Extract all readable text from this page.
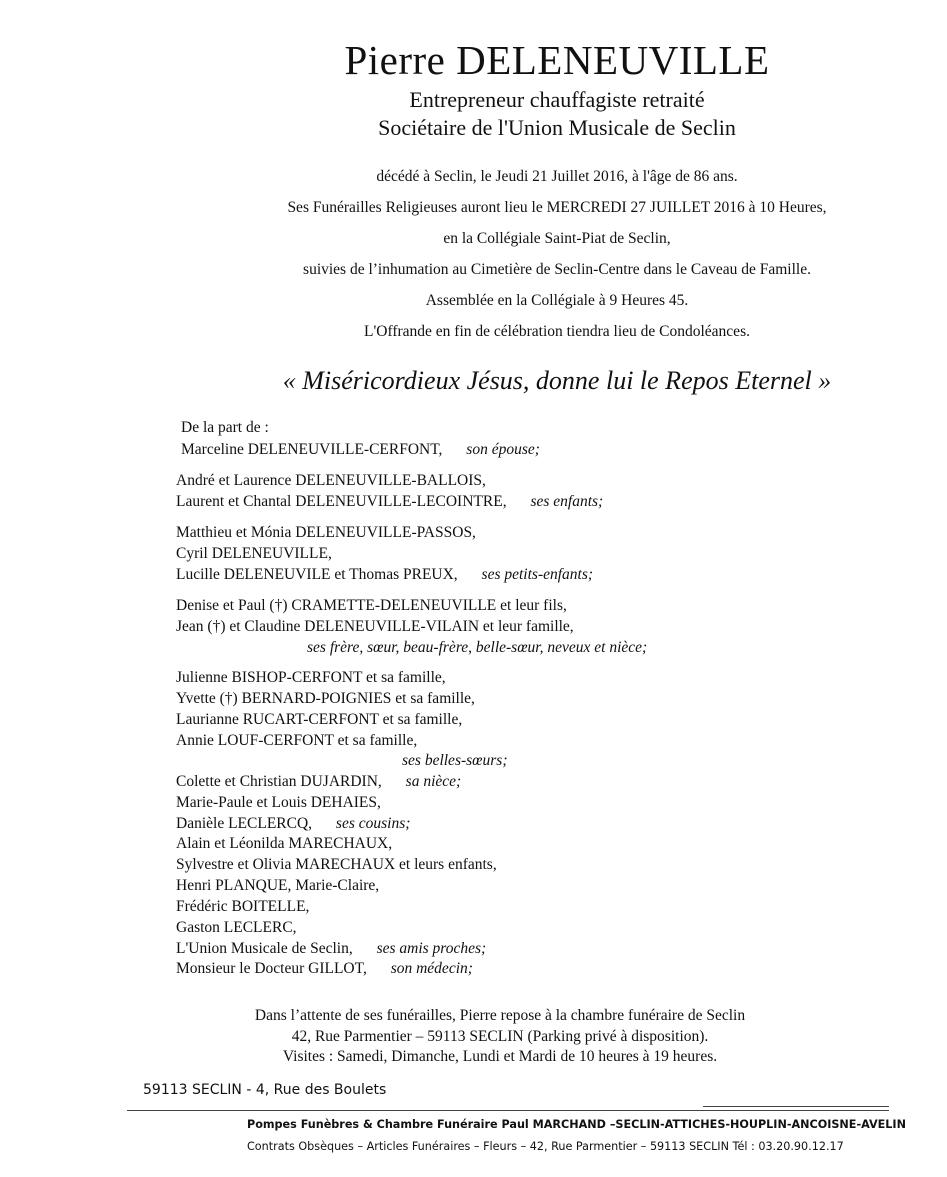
Pierre DELENEUVILLE
Entrepreneur chauffagiste retraité
Sociétaire de l'Union Musicale de Seclin
décédé à Seclin, le Jeudi 21 Juillet 2016, à l'âge de 86 ans.
Ses Funérailles Religieuses auront lieu le MERCREDI 27 JUILLET 2016 à 10 Heures,
en la Collégiale Saint-Piat de Seclin,
suivies de l’inhumation au Cimetière de Seclin-Centre dans le Caveau de Famille.
Assemblée en la Collégiale à 9 Heures 45.
L'Offrande en fin de célébration tiendra lieu de Condoléances.
« Miséricordieux Jésus, donne lui le Repos Eternel »
De la part de :
Marceline DELENEUVILLE-CERFONT, son épouse;
André et Laurence DELENEUVILLE-BALLOIS,
Laurent et Chantal DELENEUVILLE-LECOINTRE, ses enfants;
Matthieu et Mónia DELENEUVILLE-PASSOS,
Cyril DELENEUVILLE,
Lucille DELENEUVILE et Thomas PREUX, ses petits-enfants;
Denise et Paul (†) CRAMETTE-DELENEUVILLE et leur fils,
Jean (†) et Claudine DELENEUVILLE-VILAIN et leur famille,
ses frère, sœur, beau-frère, belle-sœur, neveux et nièce;
Julienne BISHOP-CERFONT et sa famille,
Yvette (†) BERNARD-POIGNIES et sa famille,
Laurianne RUCART-CERFONT et sa famille,
Annie LOUF-CERFONT et sa famille,
ses belles-sœurs;
Colette et Christian DUJARDIN, sa nièce;
Marie-Paule et Louis DEHAIES,
Danièle LECLERCQ, ses cousins;
Alain et Léonilda MARECHAUX,
Sylvestre et Olivia MARECHAUX et leurs enfants,
Henri PLANQUE, Marie-Claire,
Frédéric BOITELLE,
Gaston LECLERC,
L'Union Musicale de Seclin, ses amis proches;
Monsieur le Docteur GILLOT, son médecin;
Dans l’attente de ses funérailles, Pierre repose à la chambre funéraire de Seclin
42, Rue Parmentier – 59113 SECLIN (Parking privé à disposition).
Visites : Samedi, Dimanche, Lundi et Mardi de 10 heures à 19 heures.
59113 SECLIN - 4, Rue des Boulets
Pompes Funèbres & Chambre Funéraire Paul MARCHAND –SECLIN-ATTICHES-HOUPLIN-ANCOISNE-AVELIN
Contrats Obsèques – Articles Funéraires – Fleurs – 42, Rue Parmentier – 59113 SECLIN Tél : 03.20.90.12.17
